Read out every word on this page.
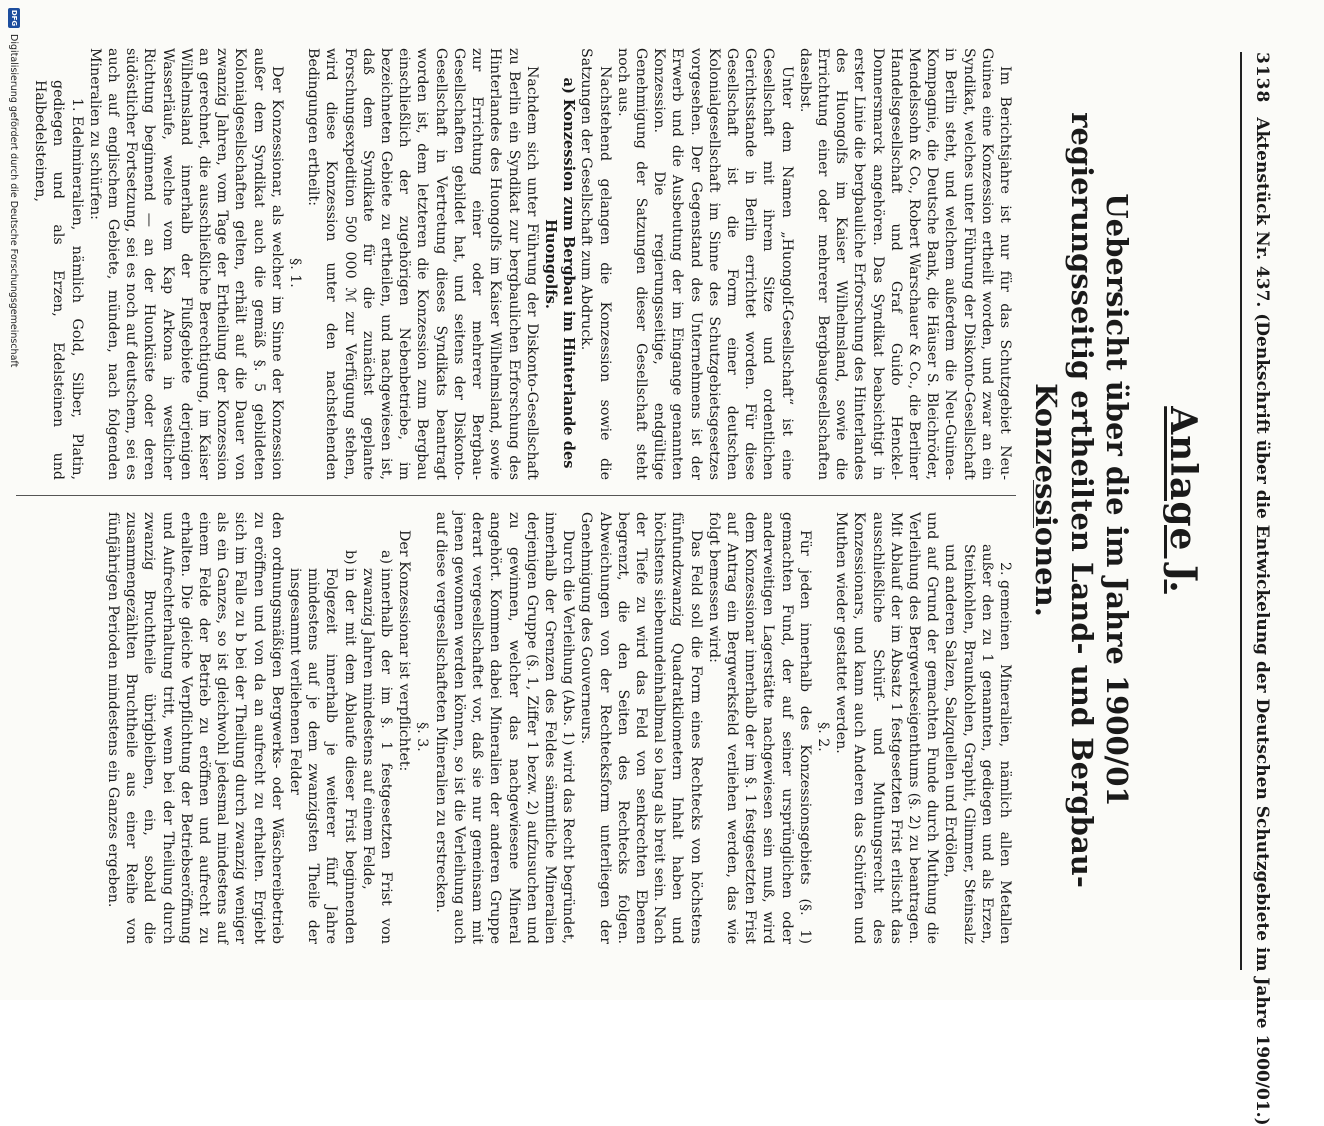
3138
Aktenstück Nr. 437. (Denkschrift über die Entwickelung der Deutschen Schutzgebiete im Jahre 1900/01.)
Anlage J.
Uebersicht über die im Jahre 1900/01 regierungsseitig ertheilten Land- und Bergbau-Konzessionen.

Im Berichtsjahre ist nur für das Schutzgebiet Neu-Guinea eine Konzession ertheilt worden, und zwar an ein Syndikat, welches unter Führung der Diskonto-Gesellschaft in Berlin steht, und welchem außerdem die Neu-Guinea-Kompagnie, die Deutsche Bank, die Häuser S. Bleichröder, Mendelssohn & Co., Robert Warschauer & Co., die Berliner Handelsgesellschaft und Graf Guido Henckel-Donnersmarck angehören. Das Syndikat beabsichtigt in erster Linie die bergbauliche Erforschung des Hinterlandes des Huongolfs im Kaiser Wilhelmsland, sowie die Errichtung einer oder mehrerer Bergbaugesellschaften daselbst.

Unter dem Namen „Huongolf-Gesellschaft“ ist eine Gesellschaft mit ihrem Sitze und ordentlichen Gerichtsstande in Berlin errichtet worden. Für diese Gesellschaft ist die Form einer deutschen Kolonialgesellschaft im Sinne des Schutzgebietsgesetzes vorgesehen. Der Gegenstand des Unternehmens ist der Erwerb und die Ausbeutung der im Eingange genannten Konzession. Die regierungsseitige, endgültige Genehmigung der Satzungen dieser Gesellschaft steht noch aus.

Nachstehend gelangen die Konzession sowie die Satzungen der Gesellschaft zum Abdruck.

a) Konzession zum Bergbau im Hinterlande des Huongolfs.

Nachdem sich unter Führung der Diskonto-Gesellschaft zu Berlin ein Syndikat zur bergbaulichen Erforschung des Hinterlandes des Huongolfs im Kaiser Wilhelmsland, sowie zur Errichtung einer oder mehrerer Bergbau-Gesellschaften gebildet hat, und seitens der Diskonto-Gesellschaft in Vertretung dieses Syndikats beantragt worden ist, dem letzteren die Konzession zum Bergbau einschließlich der zugehörigen Nebenbetriebe, im bezeichneten Gebiete zu ertheilen, und nachgewiesen ist, daß dem Syndikate für die zunächst geplante Forschungsexpedition 500 000 ℳ zur Verfügung stehen, wird diese Konzession unter den nachstehenden Bedingungen ertheilt:

§. 1.

Der Konzessionar, als welcher im Sinne der Konzession außer dem Syndikat auch die gemäß §. 5 gebildeten Kolonialgesellschaften gelten, erhält auf die Dauer von zwanzig Jahren, vom Tage der Ertheilung der Konzession an gerechnet, die ausschließliche Berechtigung, im Kaiser Wilhelmsland innerhalb der Flußgebiete derjenigen Wasserläufe, welche vom Kap Arkona in westlicher Richtung beginnend — an der Huonküste oder deren südöstlicher Fortsetzung, sei es noch auf deutschem, sei es auch auf englischem Gebiete, münden, nach folgenden Mineralien zu schürfen:

1.Edelmineralien, nämlich Gold, Silber, Platin, gediegen und als Erzen, Edelsteinen und Halbedelsteinen,

2.gemeinen Mineralien, nämlich allen Metallen außer den zu 1 genannten, gediegen und als Erzen, Steinkohlen, Braunkohlen, Graphit, Glimmer, Steinsalz und anderen Salzen, Salzquellen und Erdölen,

und auf Grund der gemachten Funde durch Muthung die Verleihung des Bergwerkseigenthums (§. 2) zu beantragen. Mit Ablauf der im Absatz 1 festgesetzten Frist erlischt das ausschließliche Schürf- und Muthungsrecht des Konzessionars, und kann auch Anderen das Schürfen und Muthen wieder gestattet werden.

§. 2.

Für jeden innerhalb des Konzessionsgebiets (§. 1) gemachten Fund, der auf seiner ursprünglichen oder anderweitigen Lagerstätte nachgewiesen sein muß, wird dem Konzessionar innerhalb der im §. 1 festgesetzten Frist auf Antrag ein Bergwerksfeld verliehen werden, das wie folgt bemessen wird:

Das Feld soll die Form eines Rechtecks von höchstens fünfundzwanzig Quadratkilometern Inhalt haben und höchstens siebenundeinhalbmal so lang als breit sein. Nach der Tiefe zu wird das Feld von senkrechten Ebenen begrenzt, die den Seiten des Rechtecks folgen. Abweichungen von der Rechtecksform unterliegen der Genehmigung des Gouverneurs.

Durch die Verleihung (Abs. 1) wird das Recht begründet, innerhalb der Grenzen des Feldes sämmtliche Mineralien derjenigen Gruppe (§. 1, Ziffer 1 bezw. 2) aufzusuchen und zu gewinnen, welcher das nachgewiesene Mineral angehört. Kommen dabei Mineralien der anderen Gruppe derart vergesellschaftet vor, daß sie nur gemeinsam mit jenen gewonnen werden können, so ist die Verleihung auch auf diese vergesellschafteten Mineralien zu erstrecken.

§. 3.

Der Konzessionar ist verpflichtet:

a)innerhalb der im §. 1 festgesetzten Frist von zwanzig Jahren mindestens auf einem Felde,

b)in der mit dem Ablaufe dieser Frist beginnenden Folgezeit innerhalb je weiterer fünf Jahre mindestens auf je dem zwanzigsten Theile der insgesammt verliehenen Felder

den ordnungsmäßigen Bergwerks- oder Wäschereibetrieb zu eröffnen und von da an aufrecht zu erhalten. Ergiebt sich im Falle zu b bei der Theilung durch zwanzig weniger als ein Ganzes, so ist gleichwohl jedesmal mindestens auf einem Felde der Betrieb zu eröffnen und aufrecht zu erhalten. Die gleiche Verpflichtung der Betriebseröffnung und Aufrechterhaltung tritt, wenn bei der Theilung durch zwanzig Bruchtheile übrigbleiben, ein, sobald die zusammengezählten Bruchtheile aus einer Reihe von fünfjährigen Perioden mindestens ein Ganzes ergeben.

DFG
Digitalisierung gefördert durch die Deutsche Forschungsgemeinschaft
